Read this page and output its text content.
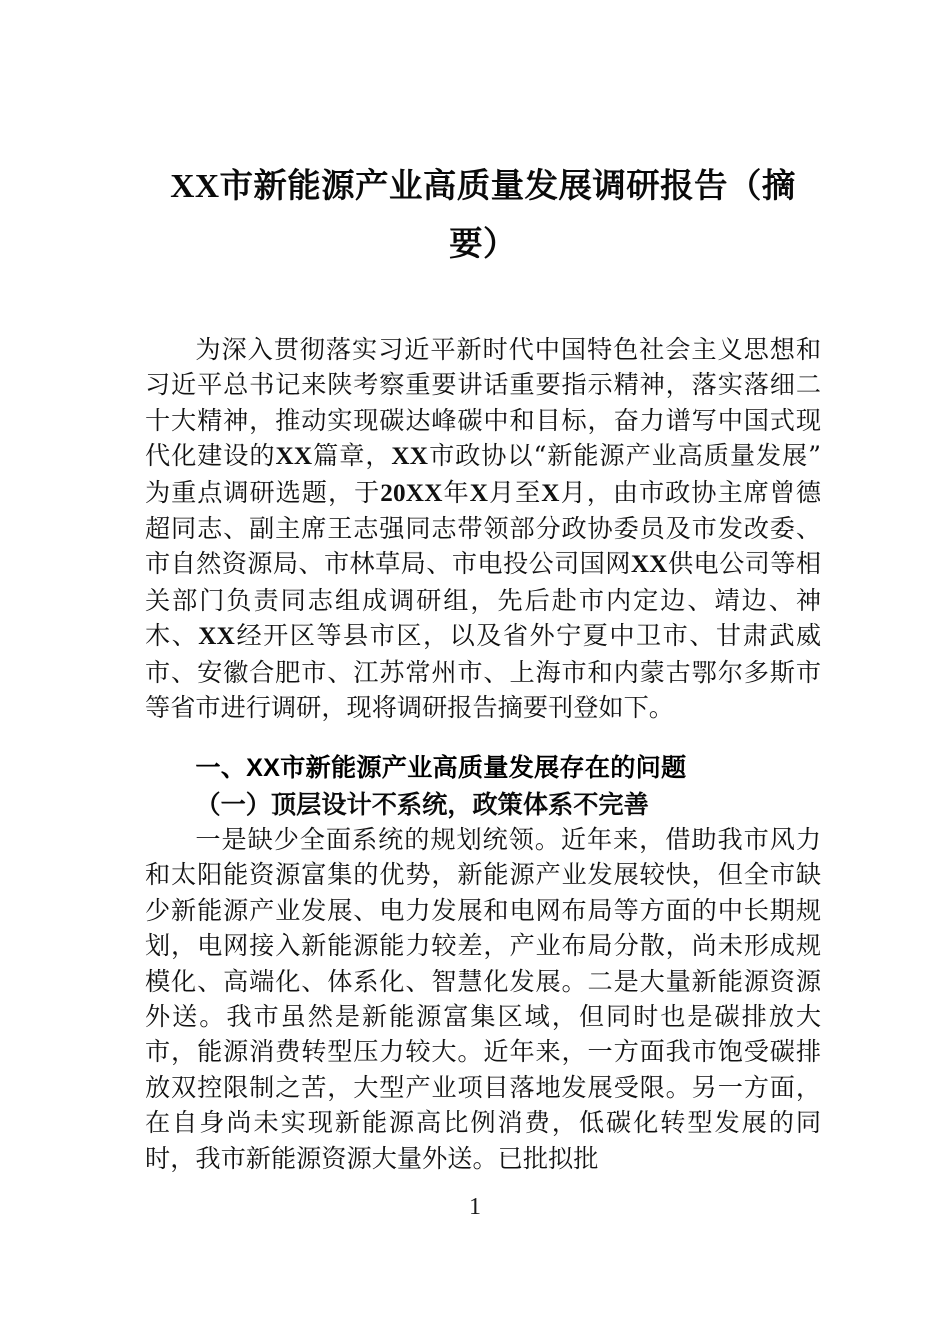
XX市新能源产业高质量发展调研报告（摘要）

为深入贯彻落实习近平新时代中国特色社会主义思想和习近平总书记来陕考察重要讲话重要指示精神，落实落细二十大精神，推动实现碳达峰碳中和目标，奋力谱写中国式现代化建设的XX篇章，XX市政协以“新能源产业高质量发展”为重点调研选题，于20XX年X月至X月，由市政协主席曾德超同志、副主席王志强同志带领部分政协委员及市发改委、市自然资源局、市林草局、市电投公司国网XX供电公司等相关部门负责同志组成调研组，先后赴市内定边、靖边、神木、XX经开区等县市区，以及省外宁夏中卫市、甘肃武威市、安徽合肥市、江苏常州市、上海市和内蒙古鄂尔多斯市等省市进行调研，现将调研报告摘要刊登如下。

一、XX市新能源产业高质量发展存在的问题
（一）顶层设计不系统，政策体系不完善

一是缺少全面系统的规划统领。近年来，借助我市风力和太阳能资源富集的优势，新能源产业发展较快，但全市缺少新能源产业发展、电力发展和电网布局等方面的中长期规划，电网接入新能源能力较差，产业布局分散，尚未形成规模化、高端化、体系化、智慧化发展。二是大量新能源资源外送。我市虽然是新能源富集区域，但同时也是碳排放大市，能源消费转型压力较大。近年来，一方面我市饱受碳排放双控限制之苦，大型产业项目落地发展受限。另一方面，在自身尚未实现新能源高比例消费，低碳化转型发展的同时，我市新能源资源大量外送。已批拟批

1
